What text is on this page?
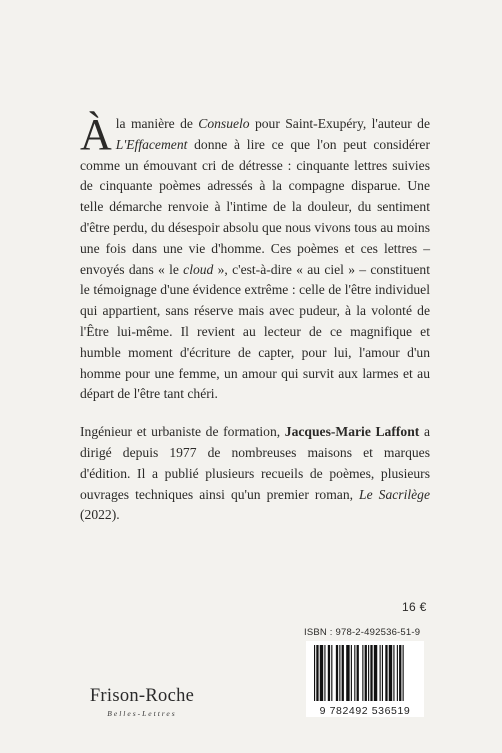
Àla manière de Consuelo pour Saint-Exupéry, l'auteur de L'Effacement donne à lire ce que l'on peut considérer comme un émouvant cri de détresse : cinquante lettres suivies de cinquante poèmes adressés à la compagne disparue. Une telle démarche renvoie à l'intime de la douleur, du sentiment d'être perdu, du désespoir absolu que nous vivons tous au moins une fois dans une vie d'homme. Ces poèmes et ces lettres – envoyés dans « le cloud », c'est-à-dire « au ciel » – constituent le témoignage d'une évidence extrême : celle de l'être individuel qui appartient, sans réserve mais avec pudeur, à la volonté de l'Être lui-même. Il revient au lecteur de ce magnifique et humble moment d'écriture de capter, pour lui, l'amour d'un homme pour une femme, un amour qui survit aux larmes et au départ de l'être tant chéri.

Ingénieur et urbaniste de formation, Jacques-Marie Laffont a dirigé depuis 1977 de nombreuses maisons et marques d'édition. Il a publié plusieurs recueils de poèmes, plusieurs ouvrages techniques ainsi qu'un premier roman, Le Sacrilège (2022).

16 €
ISBN : 978-2-492536-51-9
9 782492 536519
Frison-Roche
Belles-Lettres
